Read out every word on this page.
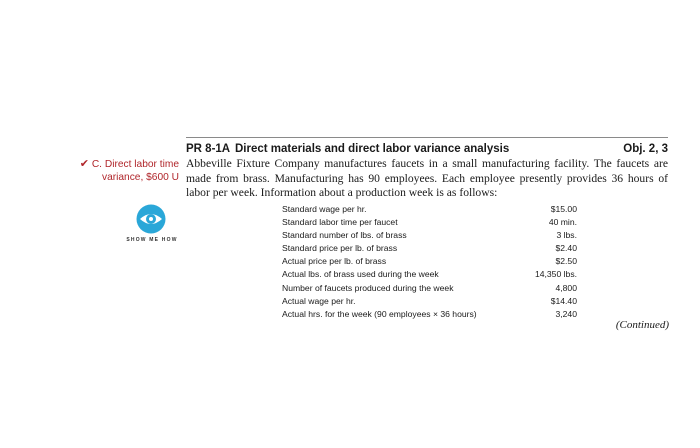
PR 8-1A Direct materials and direct labor variance analysis	Obj. 2, 3
✔ C. Direct labor time
variance, $600 U
SHOW ME HOW
Abbeville Fixture Company manufactures faucets in a small manufacturing facility. The faucets are made from brass. Manufacturing has 90 employees. Each employee presently provides 36 hours of labor per week. Information about a production week is as follows:
Standard wage per hr.	$15.00
Standard labor time per faucet	40 min.
Standard number of lbs. of brass	3 lbs.
Standard price per lb. of brass	$2.40
Actual price per lb. of brass	$2.50
Actual lbs. of brass used during the week	14,350 lbs.
Number of faucets produced during the week	4,800
Actual wage per hr.	$14.40
Actual hrs. for the week (90 employees × 36 hours)	3,240
(Continued)
